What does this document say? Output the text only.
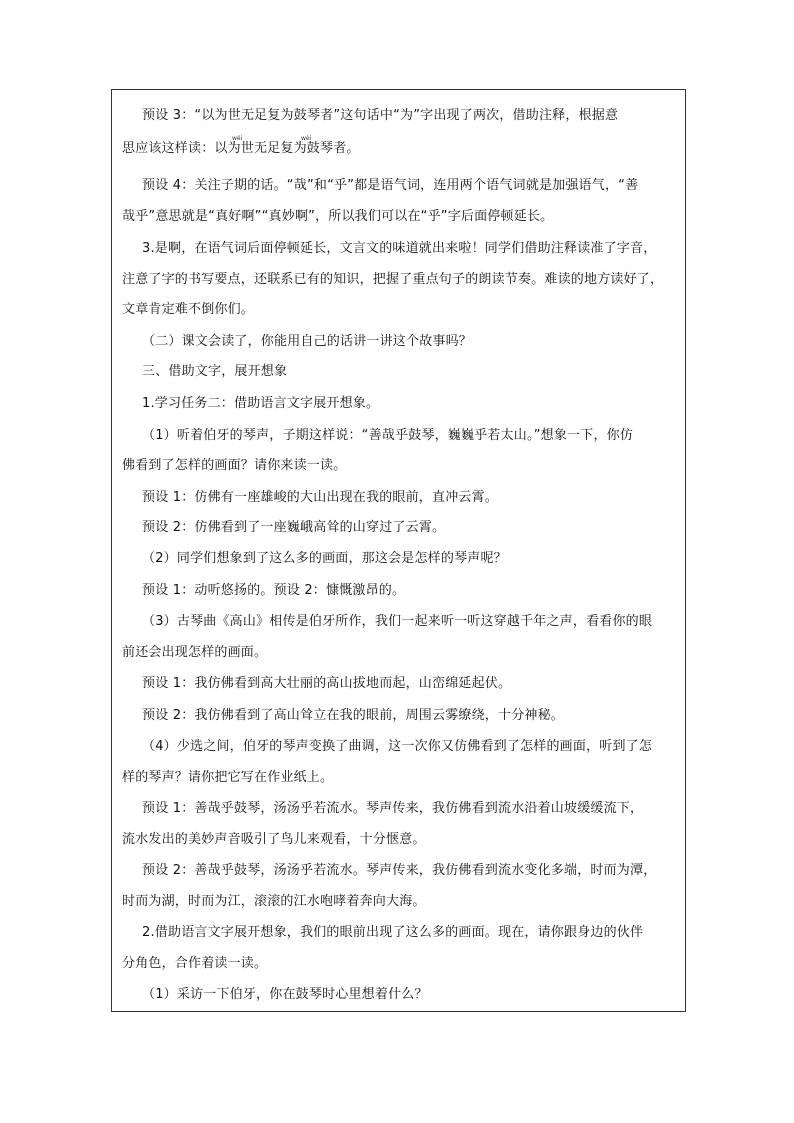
预设 3：“以为世无足复为鼓琴者”这句话中“为”字出现了两次，借助注释，根据意
思应该这样读：以为世无足复为鼓琴者。
wéi	wèi
预设 4：关注子期的话。“哉”和“乎”都是语气词，连用两个语气词就是加强语气，“善
哉乎”意思就是“真好啊”“真妙啊”，所以我们可以在“乎”字后面停顿延长。
3.是啊，在语气词后面停顿延长，文言文的味道就出来啦！同学们借助注释读准了字音，
注意了字的书写要点，还联系已有的知识，把握了重点句子的朗读节奏。难读的地方读好了，
文章肯定难不倒你们。
（二）课文会读了，你能用自己的话讲一讲这个故事吗？
三、借助文字，展开想象
1.学习任务二：借助语言文字展开想象。
（1）听着伯牙的琴声，子期这样说：“善哉乎鼓琴，巍巍乎若太山。”想象一下，你仿
佛看到了怎样的画面？请你来读一读。
预设 1：仿佛有一座雄峻的大山出现在我的眼前，直冲云霄。
预设 2：仿佛看到了一座巍峨高耸的山穿过了云霄。
（2）同学们想象到了这么多的画面，那这会是怎样的琴声呢？
预设 1：动听悠扬的。预设 2：慷慨激昂的。
（3）古琴曲《高山》相传是伯牙所作，我们一起来听一听这穿越千年之声，看看你的眼
前还会出现怎样的画面。
预设 1：我仿佛看到高大壮丽的高山拔地而起，山峦绵延起伏。
预设 2：我仿佛看到了高山耸立在我的眼前，周围云雾缭绕，十分神秘。
（4）少选之间，伯牙的琴声变换了曲调，这一次你又仿佛看到了怎样的画面，听到了怎
样的琴声？请你把它写在作业纸上。
预设 1：善哉乎鼓琴，汤汤乎若流水。琴声传来，我仿佛看到流水沿着山坡缓缓流下，
流水发出的美妙声音吸引了鸟儿来观看，十分惬意。
预设 2：善哉乎鼓琴，汤汤乎若流水。琴声传来，我仿佛看到流水变化多端，时而为潭，
时而为湖，时而为江，滚滚的江水咆哮着奔向大海。
2.借助语言文字展开想象，我们的眼前出现了这么多的画面。现在，请你跟身边的伙伴
分角色，合作着读一读。
（1）采访一下伯牙，你在鼓琴时心里想着什么？
